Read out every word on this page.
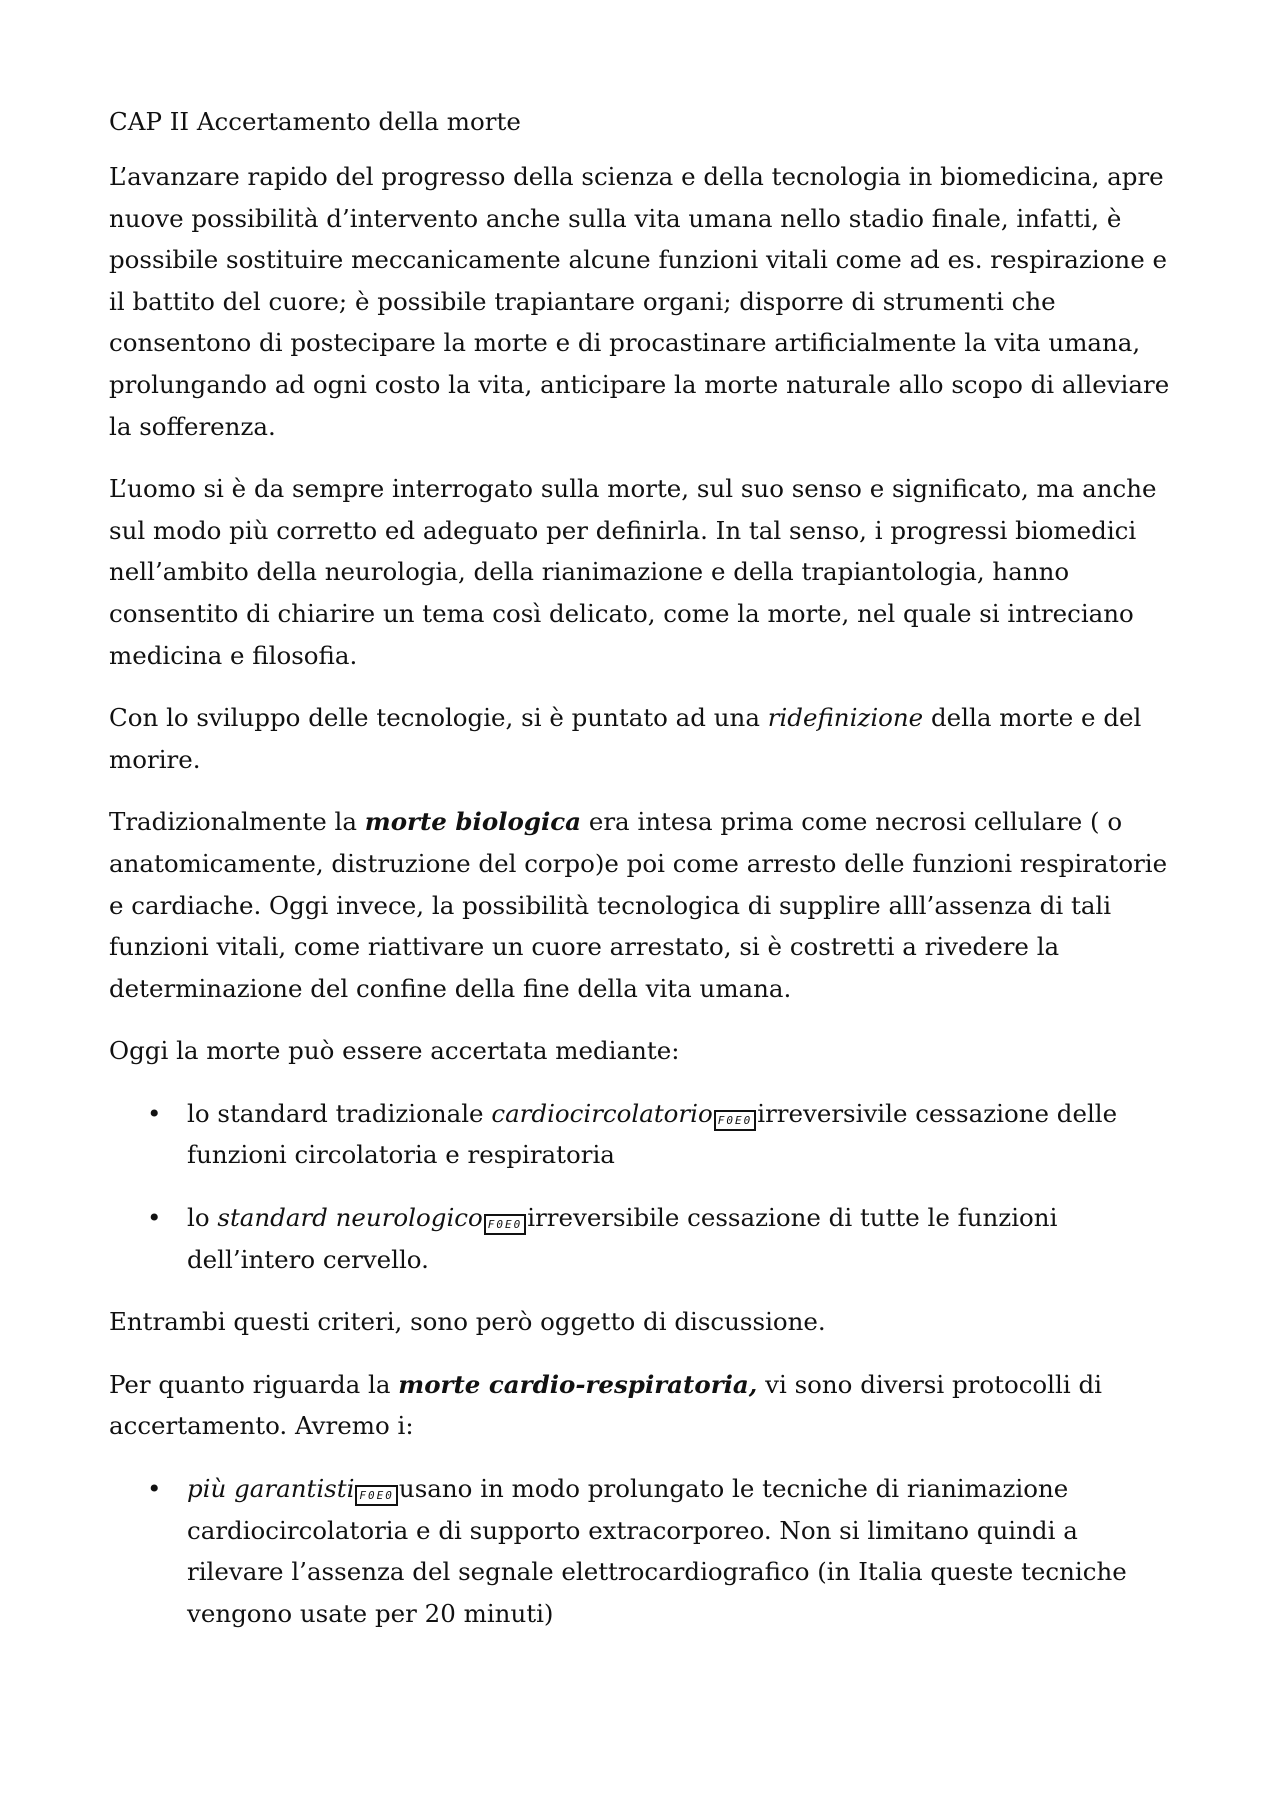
CAP II Accertamento della morte

L’avanzare rapido del progresso della scienza e della tecnologia in biomedicina, apre nuove possibilità d’intervento anche sulla vita umana nello stadio finale, infatti, è possibile sostituire meccanicamente alcune funzioni vitali come ad es. respirazione e il battito del cuore; è possibile trapiantare organi; disporre di strumenti che consentono di postecipare la morte e di procastinare artificialmente la vita umana, prolungando ad ogni costo la vita, anticipare la morte naturale allo scopo di alleviare la sofferenza.

L’uomo si è da sempre interrogato sulla morte, sul suo senso e significato, ma anche sul modo più corretto ed adeguato per definirla. In tal senso, i progressi biomedici nell’ambito della neurologia, della rianimazione e della trapiantologia, hanno consentito di chiarire un tema così delicato, come la morte, nel quale si intreciano medicina e filosofia.

Con lo sviluppo delle tecnologie, si è puntato ad una ridefinizione della morte e del morire.

Tradizionalmente la morte biologica era intesa prima come necrosi cellulare ( o anatomicamente, distruzione del corpo)e poi come arresto delle funzioni respiratorie e cardiache. Oggi invece, la possibilità tecnologica di supplire alll’assenza di tali funzioni vitali, come riattivare un cuore arrestato, si è costretti a rivedere la determinazione del confine della fine della vita umana.

Oggi la morte può essere accertata mediante:

• lo standard tradizionale cardiocircolatorio F0E0 irreversivile cessazione delle funzioni circolatoria e respiratoria
• lo standard neurologico F0E0 irreversibile cessazione di tutte le funzioni dell’intero cervello.

Entrambi questi criteri, sono però oggetto di discussione.

Per quanto riguarda la morte cardio-respiratoria, vi sono diversi protocolli di accertamento. Avremo i:

• più garantisti F0E0 usano in modo prolungato le tecniche di rianimazione cardiocircolatoria e di supporto extracorporeo. Non si limitano quindi a rilevare l’assenza del segnale elettrocardiografico (in Italia queste tecniche vengono usate per 20 minuti)
